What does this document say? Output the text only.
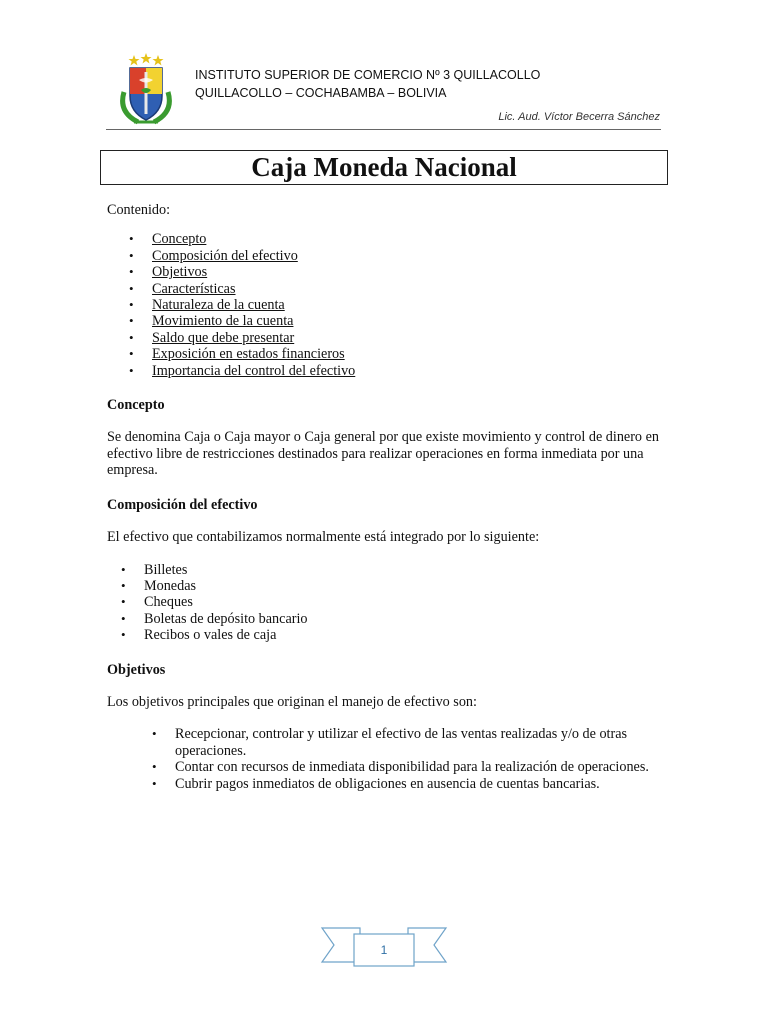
INSTITUTO SUPERIOR DE COMERCIO Nº 3 QUILLACOLLO
QUILLACOLLO – COCHABAMBA – BOLIVIA
Lic. Aud. Víctor Becerra Sánchez
Caja Moneda Nacional

Contenido:

• Concepto
• Composición del efectivo
• Objetivos
• Características
• Naturaleza de la cuenta
• Movimiento de la cuenta
• Saldo que debe presentar
• Exposición en estados financieros
• Importancia del control del efectivo

Concepto

Se denomina Caja o Caja mayor o Caja general por que existe movimiento y control de dinero en efectivo libre de restricciones destinados para realizar operaciones en forma inmediata por una empresa.

Composición del efectivo

El efectivo que contabilizamos normalmente está integrado por lo siguiente:

• Billetes
• Monedas
• Cheques
• Boletas de depósito bancario
• Recibos o vales de caja

Objetivos

Los objetivos principales que originan el manejo de efectivo son:

• Recepcionar, controlar y utilizar el efectivo de las ventas realizadas y/o de otras operaciones.
• Contar con recursos de inmediata disponibilidad para la realización de operaciones.
• Cubrir pagos inmediatos de obligaciones en ausencia de cuentas bancarias.
1
